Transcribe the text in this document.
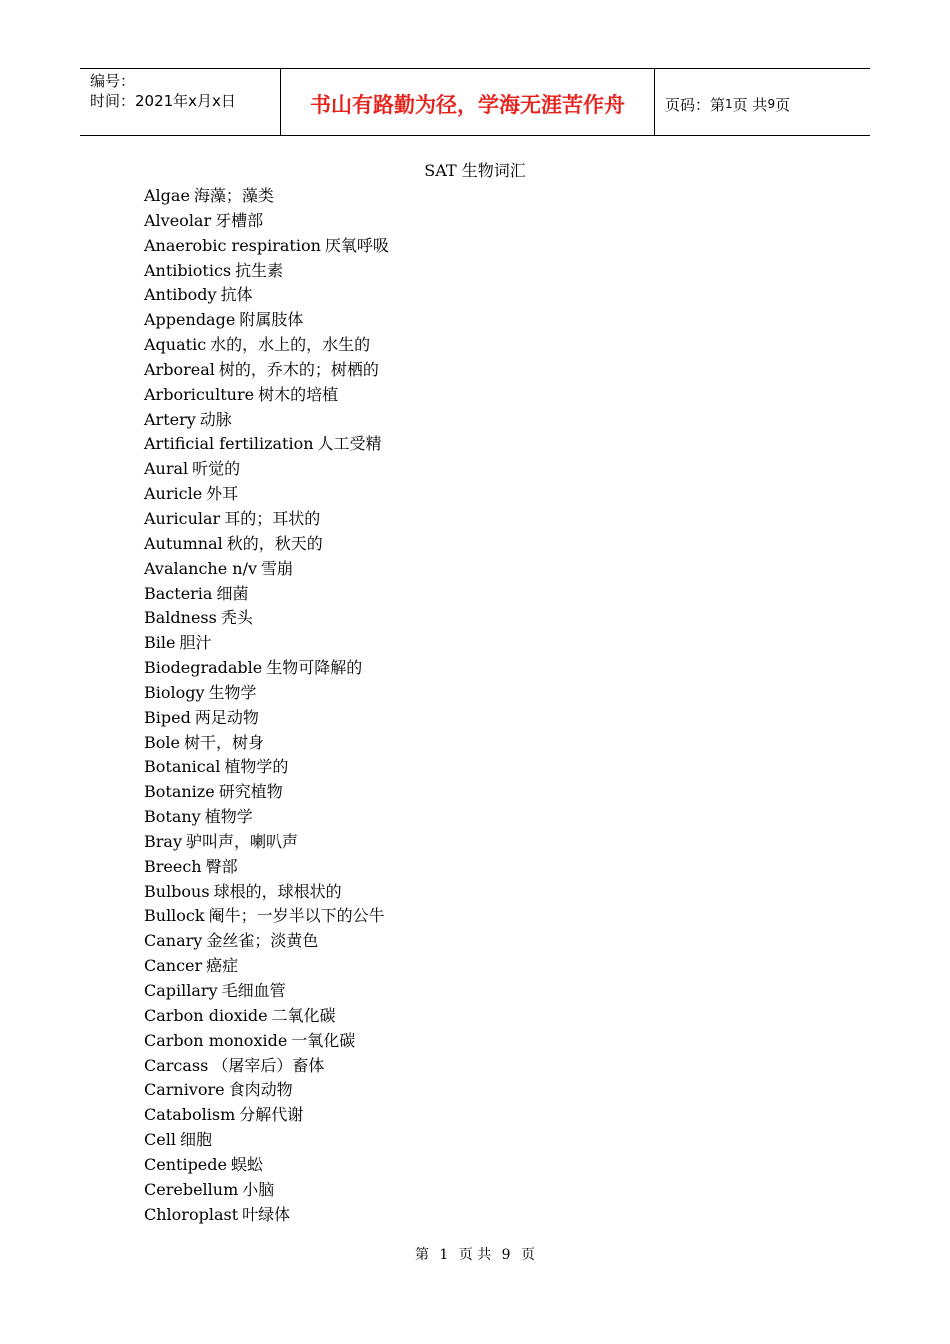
编号：
时间：2021年x月x日	书山有路勤为径，学海无涯苦作舟	页码：第 1 页 共 9 页
SAT 生物词汇
Algae 海藻；藻类
Alveolar 牙槽部
Anaerobic respiration 厌氧呼吸
Antibiotics 抗生素
Antibody 抗体
Appendage 附属肢体
Aquatic 水的，水上的，水生的
Arboreal 树的，乔木的；树栖的
Arboriculture 树木的培植
Artery 动脉
Artificial fertilization 人工受精
Aural 听觉的
Auricle 外耳
Auricular 耳的；耳状的
Autumnal 秋的，秋天的
Avalanche n/v 雪崩
Bacteria 细菌
Baldness 秃头
Bile 胆汁
Biodegradable 生物可降解的
Biology 生物学
Biped 两足动物
Bole 树干，树身
Botanical 植物学的
Botanize 研究植物
Botany 植物学
Bray 驴叫声，喇叭声
Breech 臀部
Bulbous 球根的，球根状的
Bullock 阉牛；一岁半以下的公牛
Canary 金丝雀；淡黄色
Cancer 癌症
Capillary 毛细血管
Carbon dioxide 二氧化碳
Carbon monoxide 一氧化碳
Carcass （屠宰后）畜体
Carnivore 食肉动物
Catabolism 分解代谢
Cell 细胞
Centipede 蜈蚣
Cerebellum 小脑
Chloroplast 叶绿体
第 1 页 共 9 页
